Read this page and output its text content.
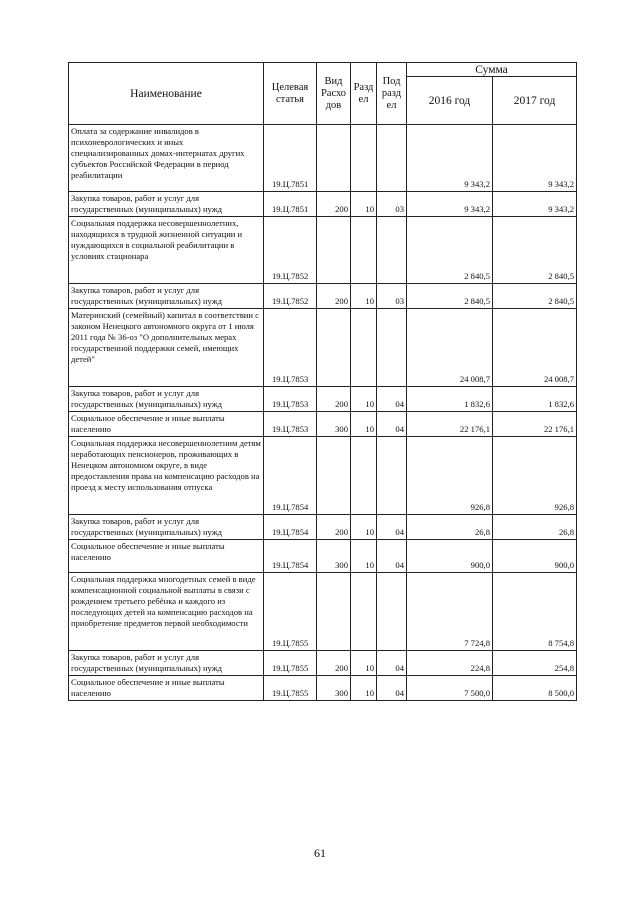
Наименование	Целевая статья	Вид Расхо дов	Разд ел	Под разд ел	Сумма	
					2016 год	2017 год
Оплата за содержание инвалидов в психоневрологических и иных специализированных домах-интернатах других субъектов Российской Федерации в период реабилитации	19.Ц.7851				9 343,2	9 343,2
Закупка товаров, работ и услуг для государственных (муниципальных) нужд	19.Ц.7851	200	10	03	9 343,2	9 343,2
Социальная поддержка несовершеннолетних, находящихся в трудной жизненной ситуации и нуждающихся в социальной реабилитации в условиях стационара	19.Ц.7852				2 840,5	2 840,5
Закупка товаров, работ и услуг для государственных (муниципальных) нужд	19.Ц.7852	200	10	03	2 840,5	2 840,5
Материнский (семейный) капитал в соответствии с законом Ненецкого автономного округа от 1 июля 2011 года № 36-оз "О дополнительных мерах государственной поддержки семей, имеющих детей"	19.Ц.7853				24 008,7	24 008,7
Закупка товаров, работ и услуг для государственных (муниципальных) нужд	19.Ц.7853	200	10	04	1 832,6	1 832,6
Социальное обеспечение и иные выплаты населению	19.Ц.7853	300	10	04	22 176,1	22 176,1
Социальная поддержка несовершеннолетним детям неработающих пенсионеров, проживающих в Ненецком автономном округе, в виде предоставления права на компенсацию расходов на проезд к месту использования отпуска	19.Ц.7854				926,8	926,8
Закупка товаров, работ и услуг для государственных (муниципальных) нужд	19.Ц.7854	200	10	04	26,8	26,8
Социальное обеспечение и иные выплаты населению	19.Ц.7854	300	10	04	900,0	900,0
Социальная поддержка многодетных семей в виде компенсационной социальной выплаты в связи с рождением третьего ребёнка и каждого из последующих детей на компенсацию расходов на приобретение предметов первой необходимости	19.Ц.7855				7 724,8	8 754,8
Закупка товаров, работ и услуг для государственных (муниципальных) нужд	19.Ц.7855	200	10	04	224,8	254,8
Социальное обеспечение и иные выплаты населению	19.Ц.7855	300	10	04	7 500,0	8 500,0
61
